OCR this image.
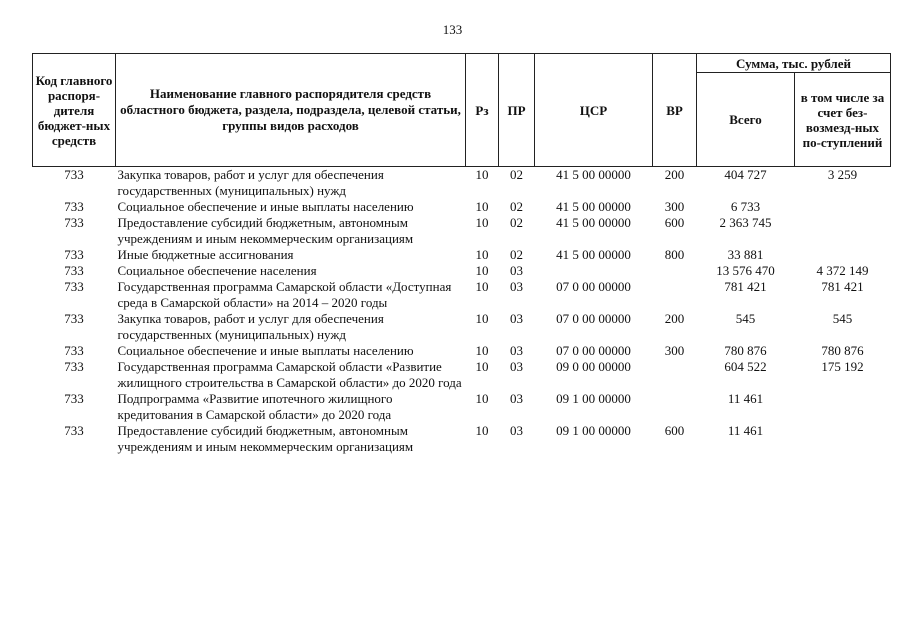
133
Код главного распоря-дителя бюджет-ных средств	Наименование главного распорядителя средств областного бюджета, раздела, подраздела, целевой статьи, группы видов расходов	Рз	ПР	ЦСР	ВР	Сумма, тыс. рублей	
						Всего	в том числе за счет без-возмезд-ных по-ступлений
733	Закупка товаров, работ и услуг для обеспечения государственных (муниципальных) нужд	10	02	41 5 00 00000	200	404 727	3 259
733	Социальное обеспечение и иные выплаты населению	10	02	41 5 00 00000	300	6 733	
733	Предоставление субсидий бюджетным, автономным учреждениям и иным некоммерческим организациям	10	02	41 5 00 00000	600	2 363 745	
733	Иные бюджетные ассигнования	10	02	41 5 00 00000	800	33 881	
733	Социальное обеспечение населения	10	03			13 576 470	4 372 149
733	Государственная программа Самарской области «Доступная среда в Самарской области» на 2014 – 2020 годы	10	03	07 0 00 00000		781 421	781 421
733	Закупка товаров, работ и услуг для обеспечения государственных (муниципальных) нужд	10	03	07 0 00 00000	200	545	545
733	Социальное обеспечение и иные выплаты населению	10	03	07 0 00 00000	300	780 876	780 876
733	Государственная программа Самарской области «Развитие жилищного строительства в Самарской области» до 2020 года	10	03	09 0 00 00000		604 522	175 192
733	Подпрограмма «Развитие ипотечного жилищного кредитования в Самарской области» до 2020 года	10	03	09 1 00 00000		11 461	
733	Предоставление субсидий бюджетным, автономным учреждениям и иным некоммерческим организациям	10	03	09 1 00 00000	600	11 461	
